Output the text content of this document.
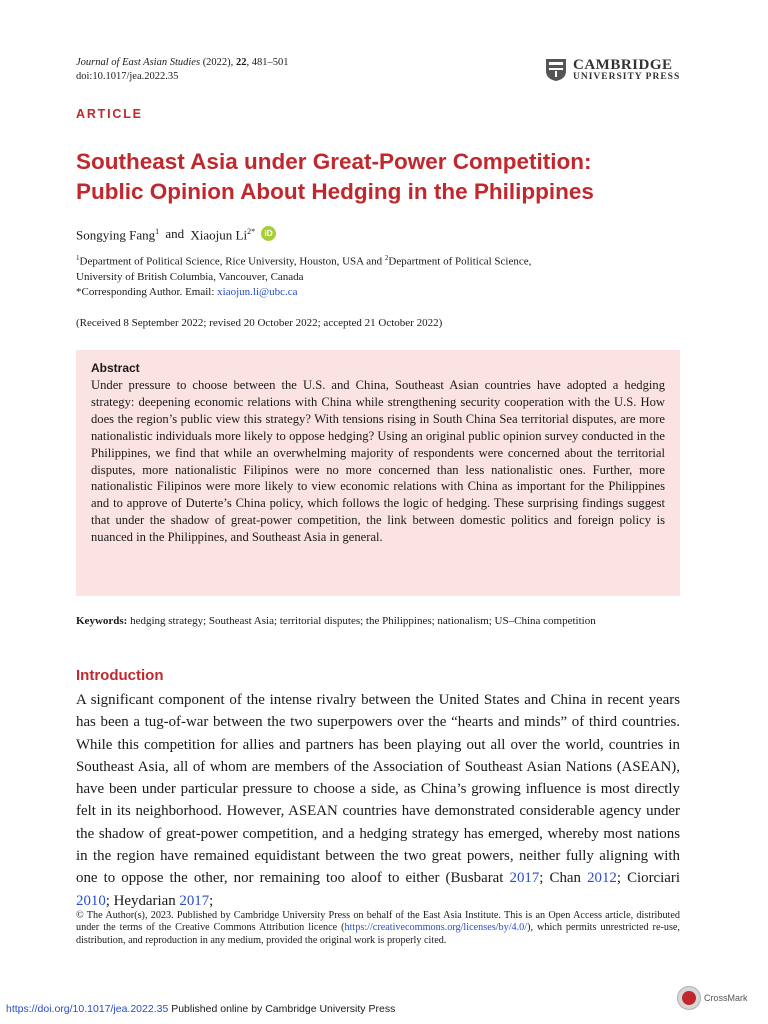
Journal of East Asian Studies (2022), 22, 481–501
doi:10.1017/jea.2022.35
CAMBRIDGE
UNIVERSITY PRESS
ARTICLE
Southeast Asia under Great-Power Competition:
Public Opinion About Hedging in the Philippines
Songying Fang$^1$ and Xiaojun $Li^{2*}$	iD
$^1$Department of Political Science, Rice University, Houston, USA and $^2$Department of Political Science,
University of British Columbia, Vancouver, Canada
*Corresponding Author. Email: xiaojun.li@ubc.ca
(Received 8 September 2022; revised 20 October 2022; accepted 21 October 2022)
Abstract
Under pressure to choose between the U.S. and China, Southeast Asian countries have adopted a hedging strategy: deepening economic relations with China while strengthening security cooperation with the U.S. How does the region’s public view this strategy? With tensions rising in South China Sea territorial disputes, are more nationalistic individuals more likely to oppose hedging? Using an original public opinion survey conducted in the Philippines, we find that while an overwhelming majority of respondents were concerned about the territorial disputes, more nationalistic Filipinos were no more concerned than less nationalistic ones. Further, more nationalistic Filipinos were more likely to view economic relations with China as important for the Philippines and to approve of Duterte’s China policy, which follows the logic of hedging. These surprising findings suggest that under the shadow of great-power competition, the link between domestic politics and foreign policy is nuanced in the Philippines, and Southeast Asia in general.
Keywords: hedging strategy; Southeast Asia; territorial disputes; the Philippines; nationalism; US–China competition
Introduction
A significant component of the intense rivalry between the United States and China in recent years has been a tug-of-war between the two superpowers over the “hearts and minds” of third countries. While this competition for allies and partners has been playing out all over the world, countries in Southeast Asia, all of whom are members of the Association of Southeast Asian Nations (ASEAN), have been under particular pressure to choose a side, as China’s growing influence is most directly felt in its neighborhood. However, ASEAN countries have demonstrated considerable agency under the shadow of great-power competition, and a hedging strategy has emerged, whereby most nations in the region have remained equidistant between the two great powers, neither fully aligning with one to oppose the other, nor remaining too aloof to either (Busbarat 2017; Chan 2012; Ciorciari 2010; Heydarian 2017;
© The Author(s), 2023. Published by Cambridge University Press on behalf of the East Asia Institute. This is an Open Access article, distributed under the terms of the Creative Commons Attribution licence (https://creativecommons.org/licenses/by/4.0/), which permits unrestricted re-use, distribution, and reproduction in any medium, provided the original work is properly cited.
https://doi.org/10.1017/jea.2022.35 Published online by Cambridge University Press
CrossMark
